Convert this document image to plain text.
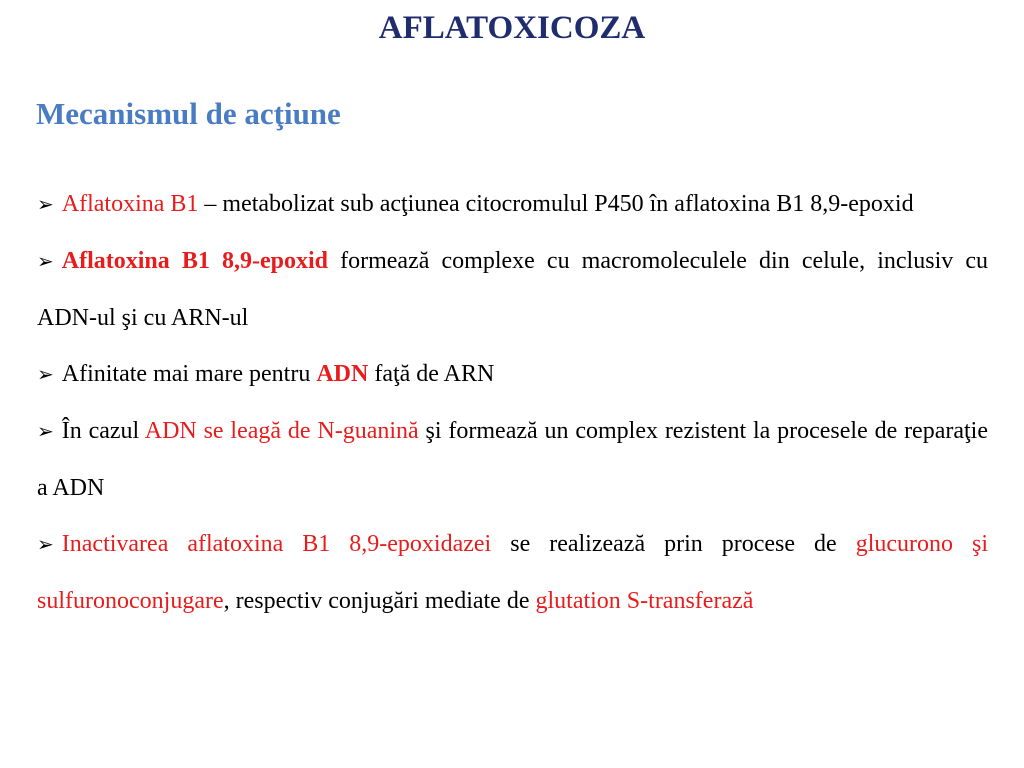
AFLATOXICOZA
Mecanismul de acţiune
➢ Aflatoxina B1 – metabolizat sub acţiunea citocromulul P450 în aflatoxina B1 8,9-epoxid
➢ Aflatoxina B1 8,9-epoxid formează complexe cu macromoleculele din celule, inclusiv cu ADN-ul şi cu ARN-ul
➢ Afinitate mai mare pentru ADN faţă de ARN
➢ În cazul ADN se leagă de N-guanină şi formează un complex rezistent la procesele de reparaţie a ADN
➢ Inactivarea aflatoxina B1 8,9-epoxidazei se realizează prin procese de glucurono şi sulfuronoconjugare, respectiv conjugări mediate de glutation S-transferază
